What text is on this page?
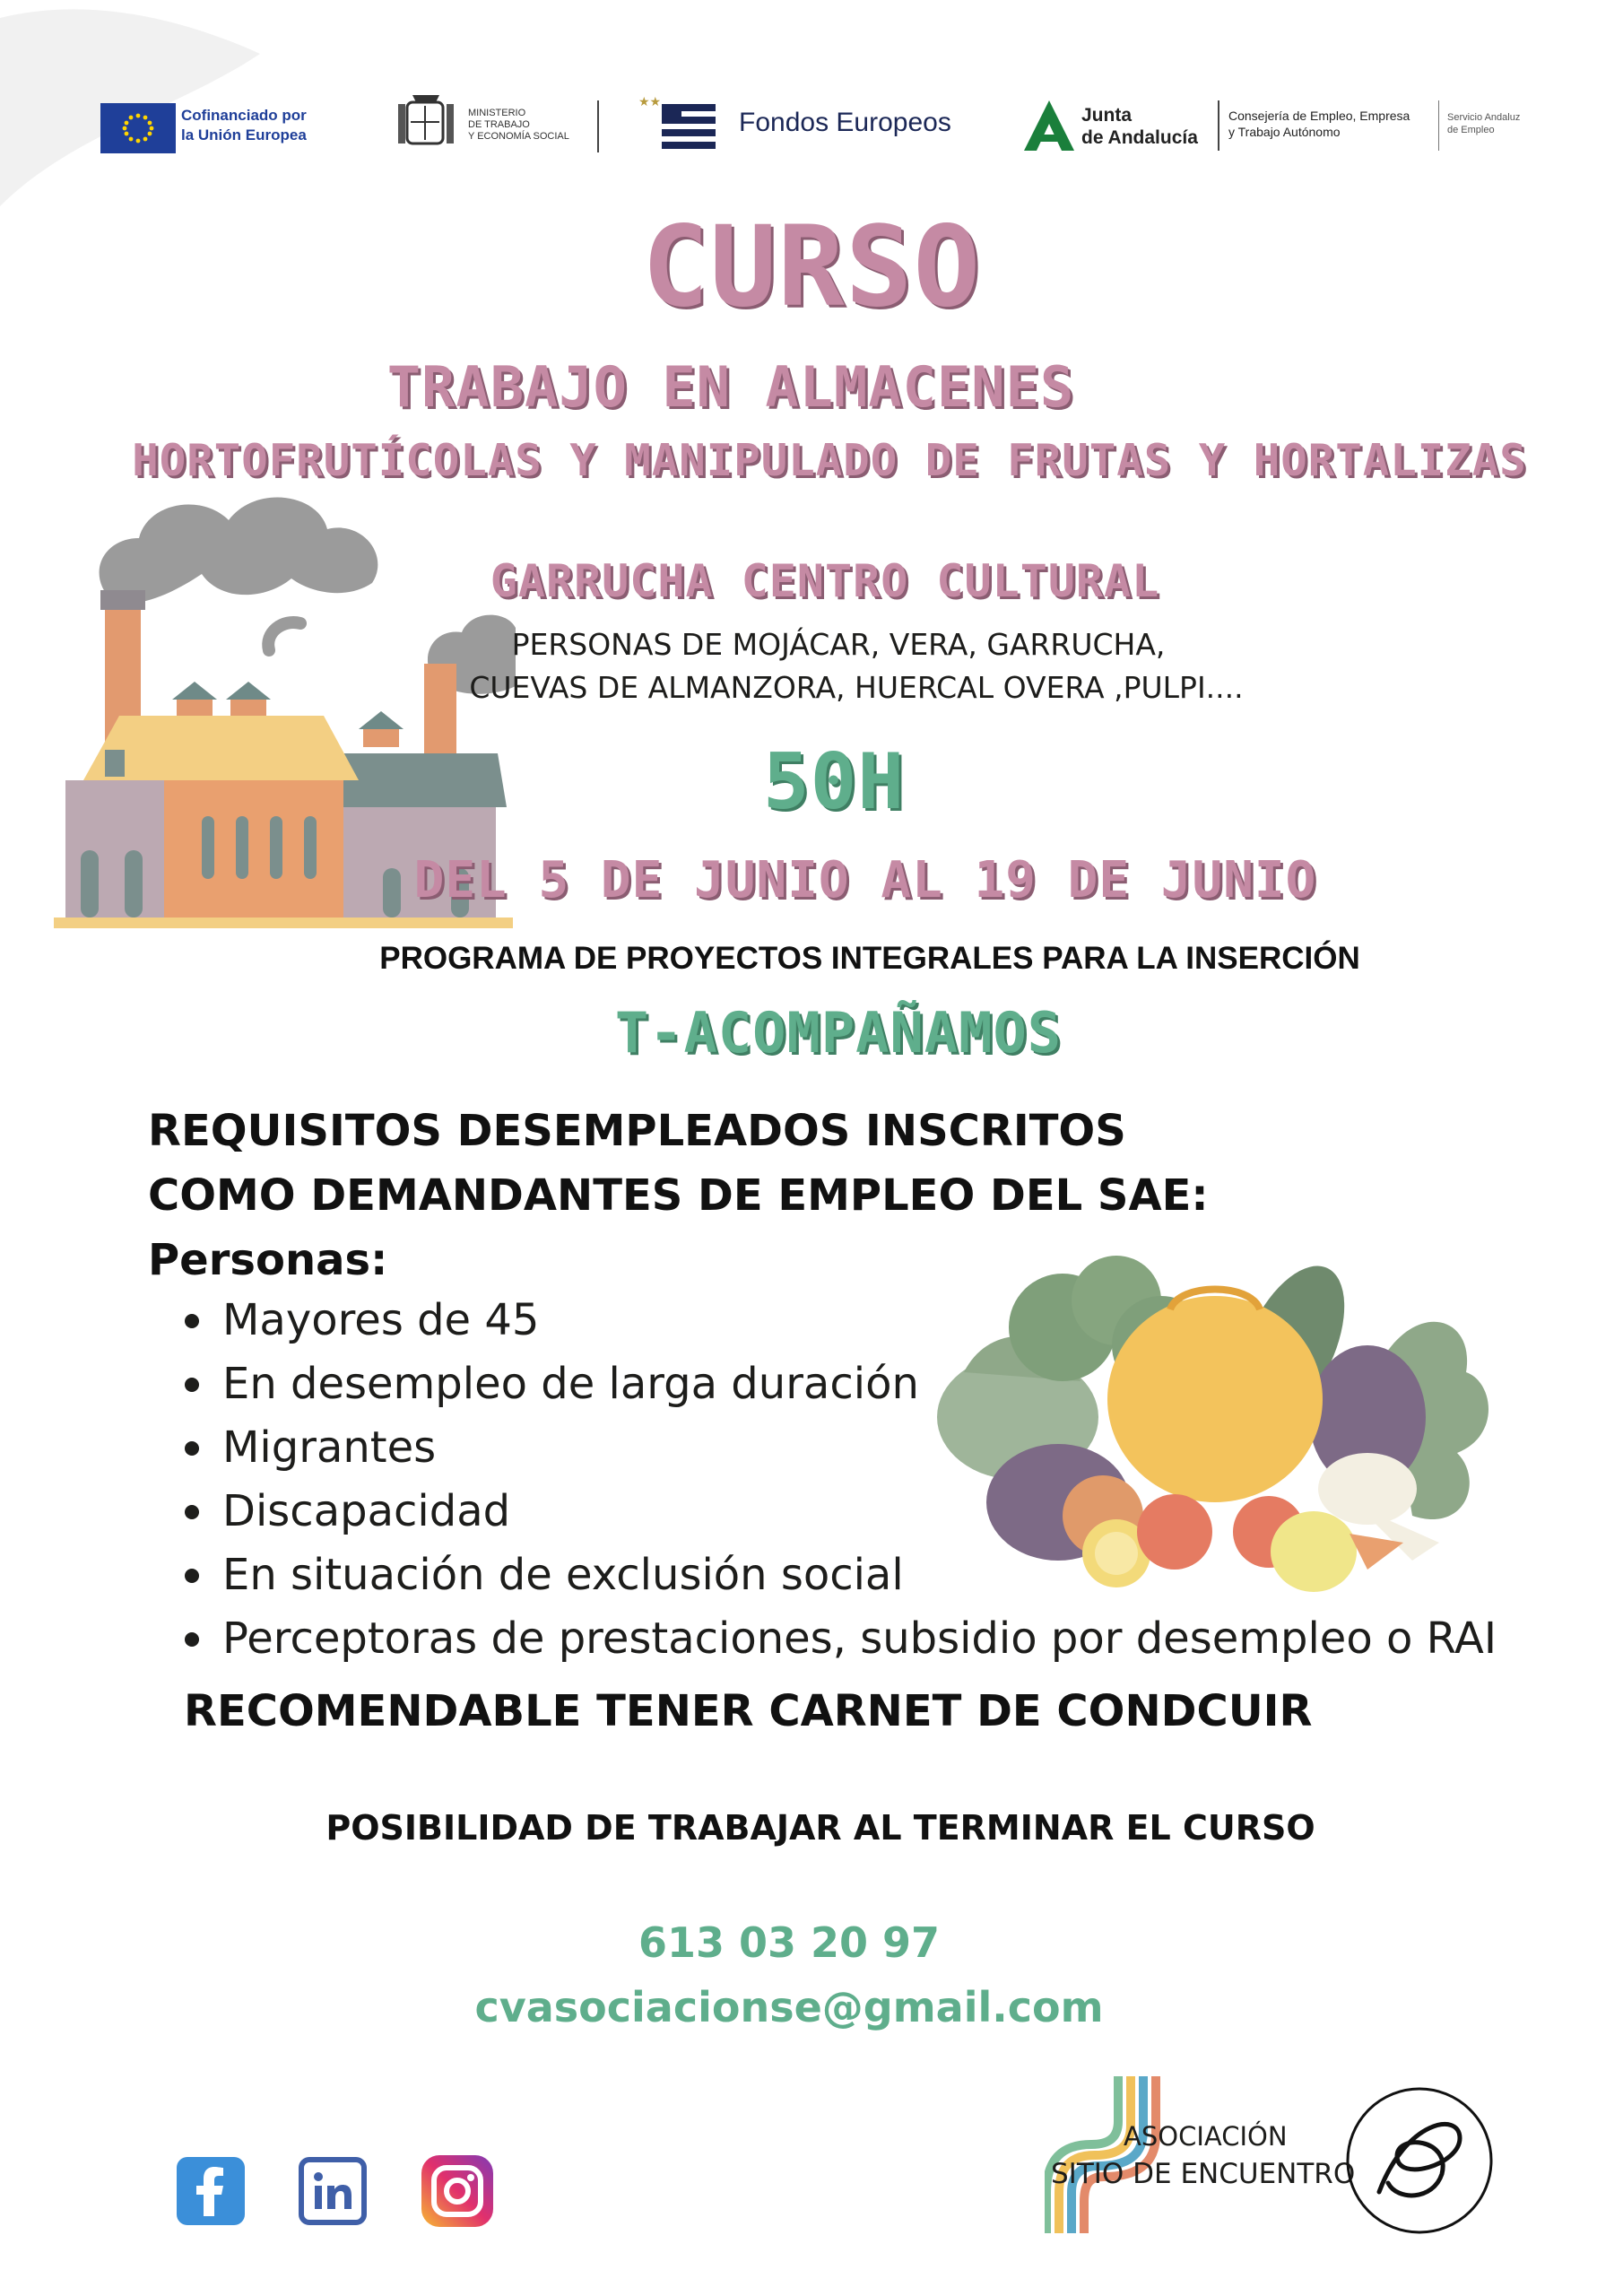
Cofinanciado por
la Unión Europea
MINISTERIO
DE TRABAJO
Y ECONOMÍA SOCIAL
★★
Fondos Europeos	Junta
de Andalucía
Consejería de Empleo, Empresa
y Trabajo Autónomo
Servicio Andaluz
de Empleo
CURSO
TRABAJO EN ALMACENES
HORTOFRUTÍCOLAS Y MANIPULADO DE FRUTAS Y HORTALIZAS
GARRUCHA CENTRO CULTURAL
PERSONAS DE MOJÁCAR, VERA, GARRUCHA,
CUEVAS DE ALMANZORA, HUERCAL OVERA ,PULPI....
50H
DEL 5 DE JUNIO AL 19 DE JUNIO
PROGRAMA DE PROYECTOS INTEGRALES PARA LA INSERCIÓN
T-ACOMPAÑAMOS
REQUISITOS DESEMPLEADOS INSCRITOS
COMO DEMANDANTES DE EMPLEO DEL SAE:
Personas:
Mayores de 45
En desempleo de larga duración
Migrantes
Discapacidad
En situación de exclusión social
Perceptoras de prestaciones, subsidio por desempleo o RAI
RECOMENDABLE TENER CARNET DE CONDCUIR
POSIBILIDAD DE TRABAJAR AL TERMINAR EL CURSO
613 03 20 97
cvasociacionse@gmail.com
ASOCIACIÓN
SITIO DE ENCUENTRO
